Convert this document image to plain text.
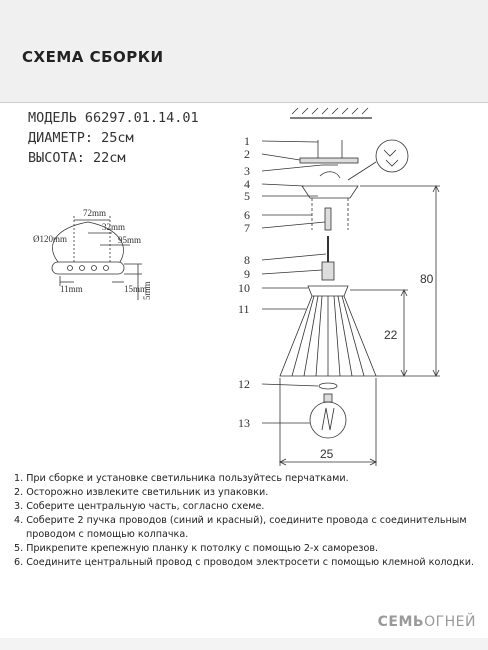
СХЕМА СБОРКИ
МОДЕЛЬ 66297.01.14.01
ДИАМЕТР: 25см
ВЫСОТА: 22см
Ø120mm
72mm
32mm
95mm
11mm	15mm
5mm
1
2
3
4
5
6
7
8
9
10
11
12
13
80
22
25
1. При сборке и установке светильника пользуйтесь перчатками.
2. Осторожно извлеките светильник из упаковки.
3. Соберите центральную часть, согласно схеме.
4. Соберите 2 пучка проводов (синий и красный), соедините провода с соединительным
проводом с помощью колпачка.
5. Прикрепите крепежную планку к потолку с помощью 2-х саморезов.
6. Соедините центральный провод с проводом электросети с помощью клемной колодки.
СЕМЬОГНЕЙ
